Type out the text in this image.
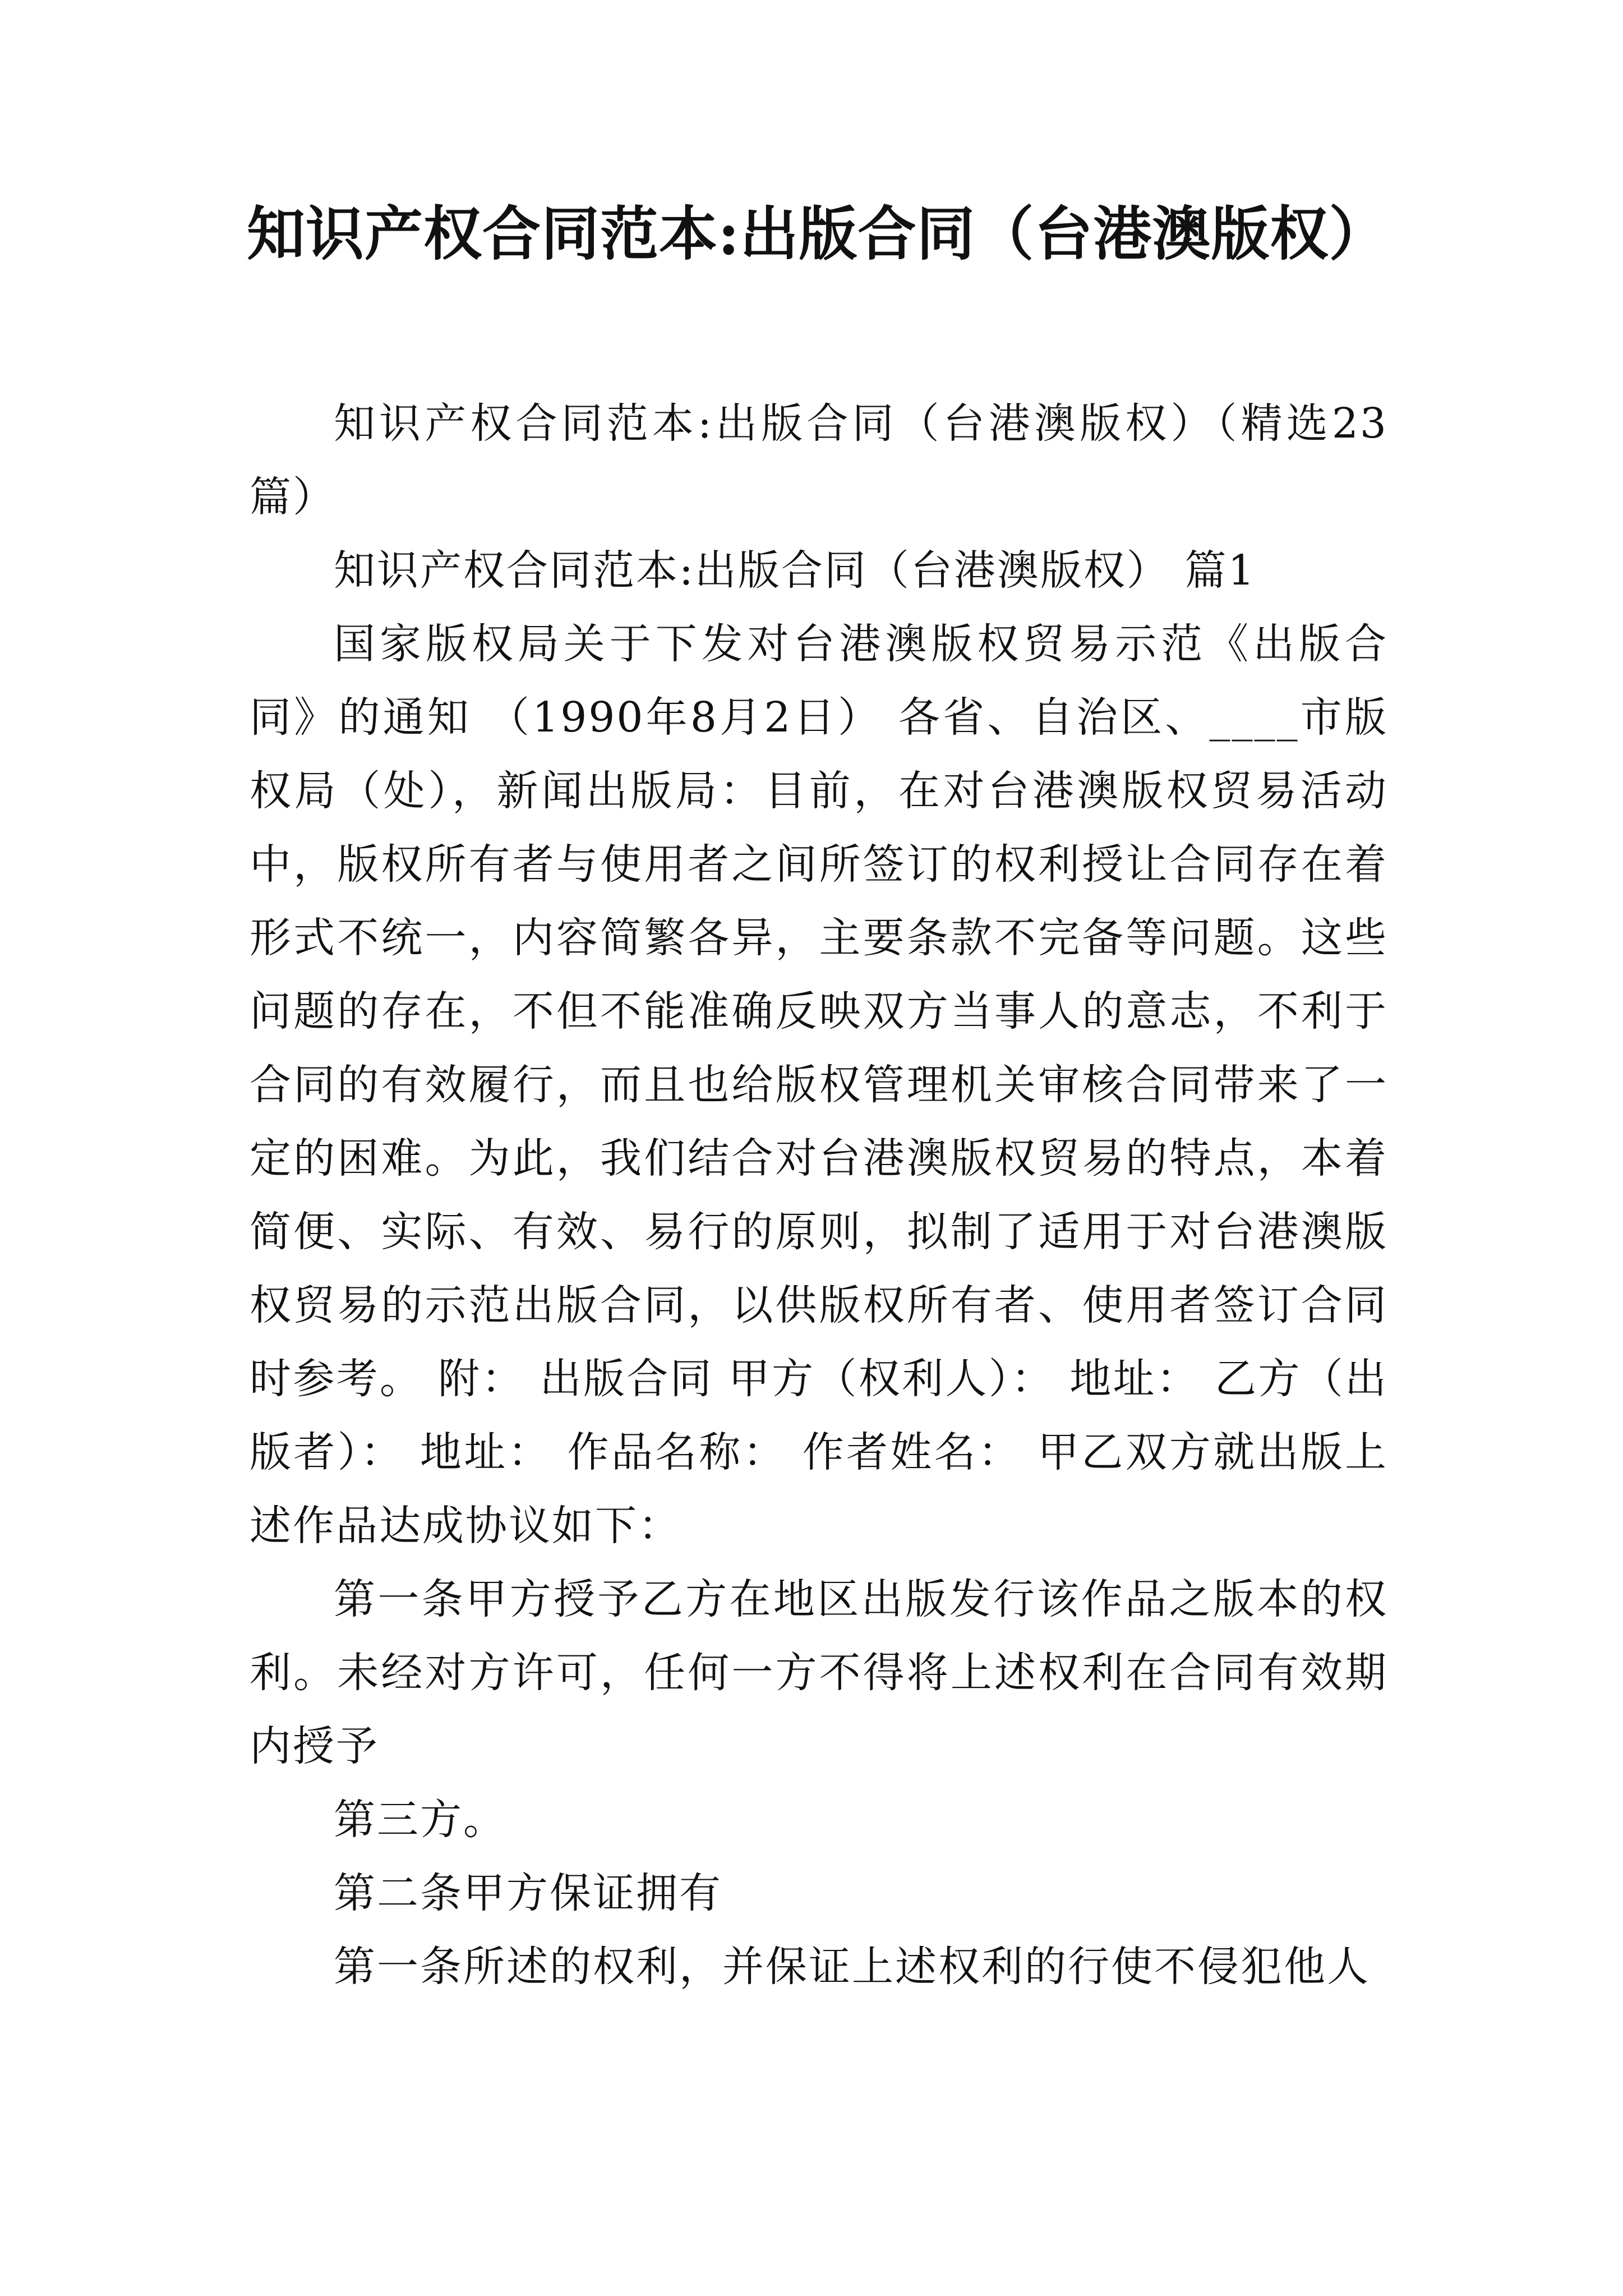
知识产权合同范本:出版合同（台港澳版权）

知识产权合同范本:出版合同（台港澳版权）（精选23篇）

知识产权合同范本:出版合同（台港澳版权） 篇1

国家版权局关于下发对台港澳版权贸易示范《出版合同》的通知 （1990年8月2日） 各省、自治区、____市版权局（处），新闻出版局：目前，在对台港澳版权贸易活动中，版权所有者与使用者之间所签订的权利授让合同存在着形式不统一，内容简繁各异，主要条款不完备等问题。这些问题的存在，不但不能准确反映双方当事人的意志，不利于合同的有效履行，而且也给版权管理机关审核合同带来了一定的困难。为此，我们结合对台港澳版权贸易的特点，本着简便、实际、有效、易行的原则，拟制了适用于对台港澳版权贸易的示范出版合同，以供版权所有者、使用者签订合同时参考。 附： 出版合同 甲方（权利人）： 地址： 乙方（出版者）： 地址： 作品名称： 作者姓名： 甲乙双方就出版上述作品达成协议如下：

第一条甲方授予乙方在地区出版发行该作品之版本的权利。未经对方许可，任何一方不得将上述权利在合同有效期内授予

第三方。

第二条甲方保证拥有

第一条所述的权利，并保证上述权利的行使不侵犯他人
